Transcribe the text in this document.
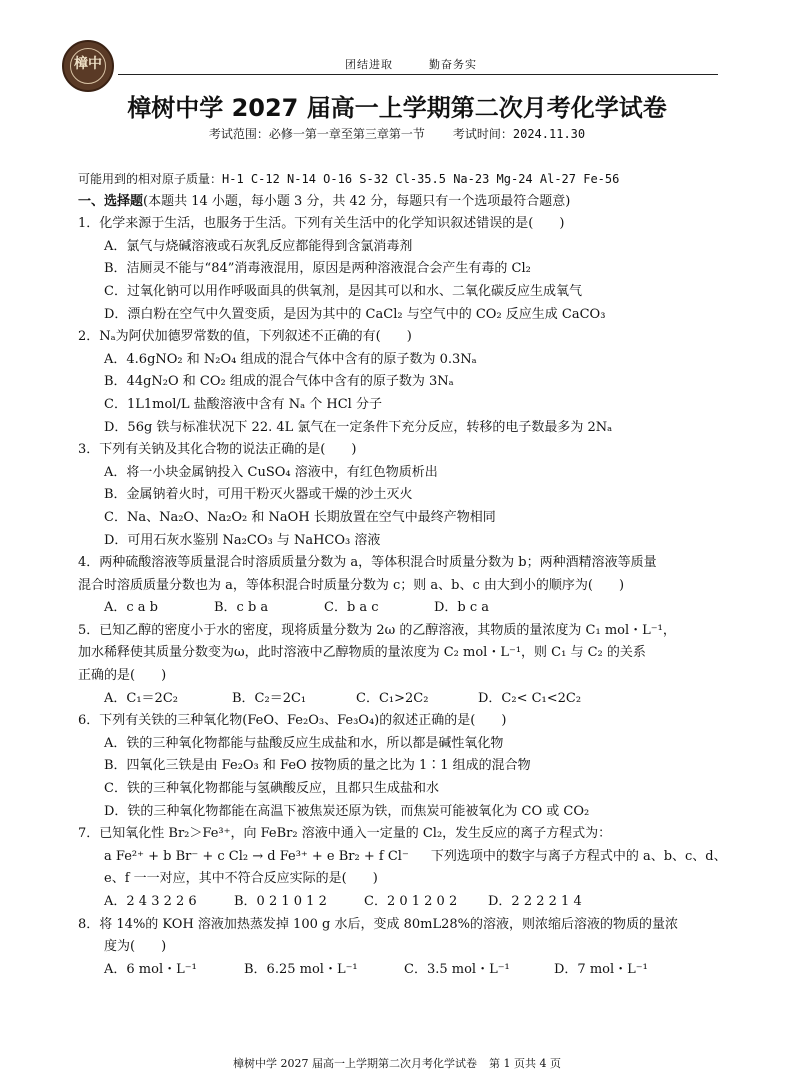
樟中	团结进取	勤奋务实
樟树中学 2027 届高一上学期第二次月考化学试卷
考试范围：必修一第一章至第三章第一节 考试时间：2024.11.30
可能用到的相对原子质量：H-1 C-12 N-14 O-16 S-32 Cl-35.5 Na-23 Mg-24 Al-27 Fe-56
一、选择题(本题共 14 小题，每小题 3 分，共 42 分，每题只有一个选项最符合题意)
1．化学来源于生活，也服务于生活。下列有关生活中的化学知识叙述错误的是(　　)
A．氯气与烧碱溶液或石灰乳反应都能得到含氯消毒剂
B．洁厕灵不能与“84”消毒液混用，原因是两种溶液混合会产生有毒的 Cl₂
C．过氧化钠可以用作呼吸面具的供氧剂，是因其可以和水、二氧化碳反应生成氧气
D．漂白粉在空气中久置变质，是因为其中的 CaCl₂ 与空气中的 CO₂ 反应生成 CaCO₃
2．Nₐ为阿伏加德罗常数的值，下列叙述不正确的有(　　)
A．4.6gNO₂ 和 N₂O₄ 组成的混合气体中含有的原子数为 0.3Nₐ
B．44gN₂O 和 CO₂ 组成的混合气体中含有的原子数为 3Nₐ
C．1L1mol/L 盐酸溶液中含有 Nₐ 个 HCl 分子
D．56g 铁与标准状况下 22. 4L 氯气在一定条件下充分反应，转移的电子数最多为 2Nₐ
3．下列有关钠及其化合物的说法正确的是(　　)
A．将一小块金属钠投入 CuSO₄ 溶液中，有红色物质析出
B．金属钠着火时，可用干粉灭火器或干燥的沙土灭火
C．Na、Na₂O、Na₂O₂ 和 NaOH 长期放置在空气中最终产物相同
D．可用石灰水鉴别 Na₂CO₃ 与 NaHCO₃ 溶液
4．两种硫酸溶液等质量混合时溶质质量分数为 a，等体积混合时质量分数为 b；两种酒精溶液等质量
混合时溶质质量分数也为 a，等体积混合时质量分数为 c；则 a、b、c 由大到小的顺序为(　　)
A．c a b	B．c b a	C．b a c	D．b c a
5．已知乙醇的密度小于水的密度，现将质量分数为 2ω 的乙醇溶液，其物质的量浓度为 C₁ mol・L⁻¹，
加水稀释使其质量分数变为ω，此时溶液中乙醇物质的量浓度为 C₂ mol・L⁻¹，则 C₁ 与 C₂ 的关系
正确的是(　　)
A．C₁＝2C₂	B．C₂＝2C₁	C．C₁>2C₂	D．C₂< C₁<2C₂
6．下列有关铁的三种氧化物(FeO、Fe₂O₃、Fe₃O₄)的叙述正确的是(　　)
A．铁的三种氧化物都能与盐酸反应生成盐和水，所以都是碱性氧化物
B．四氧化三铁是由 Fe₂O₃ 和 FeO 按物质的量之比为 1∶1 组成的混合物
C．铁的三种氧化物都能与氢碘酸反应，且都只生成盐和水
D．铁的三种氧化物都能在高温下被焦炭还原为铁，而焦炭可能被氧化为 CO 或 CO₂
7．已知氧化性 Br₂＞Fe³⁺，向 FeBr₂ 溶液中通入一定量的 Cl₂，发生反应的离子方程式为：
a Fe²⁺ + b Br⁻ + c Cl₂ → d Fe³⁺ + e Br₂ + f Cl⁻ 下列选项中的数字与离子方程式中的 a、b、c、d、
e、f 一一对应，其中不符合反应实际的是(　　)
A．2 4 3 2 2 6	B．0 2 1 0 1 2	C．2 0 1 2 0 2 D．2 2 2 2 1 4
8．将 14%的 KOH 溶液加热蒸发掉 100 g 水后，变成 80mL28%的溶液，则浓缩后溶液的物质的量浓
度为(　　)
A．6 mol・L⁻¹	B．6.25 mol・L⁻¹	C．3.5 mol・L⁻¹	D．7 mol・L⁻¹
樟树中学 2027 届高一上学期第二次月考化学试卷 第 1 页共 4 页
